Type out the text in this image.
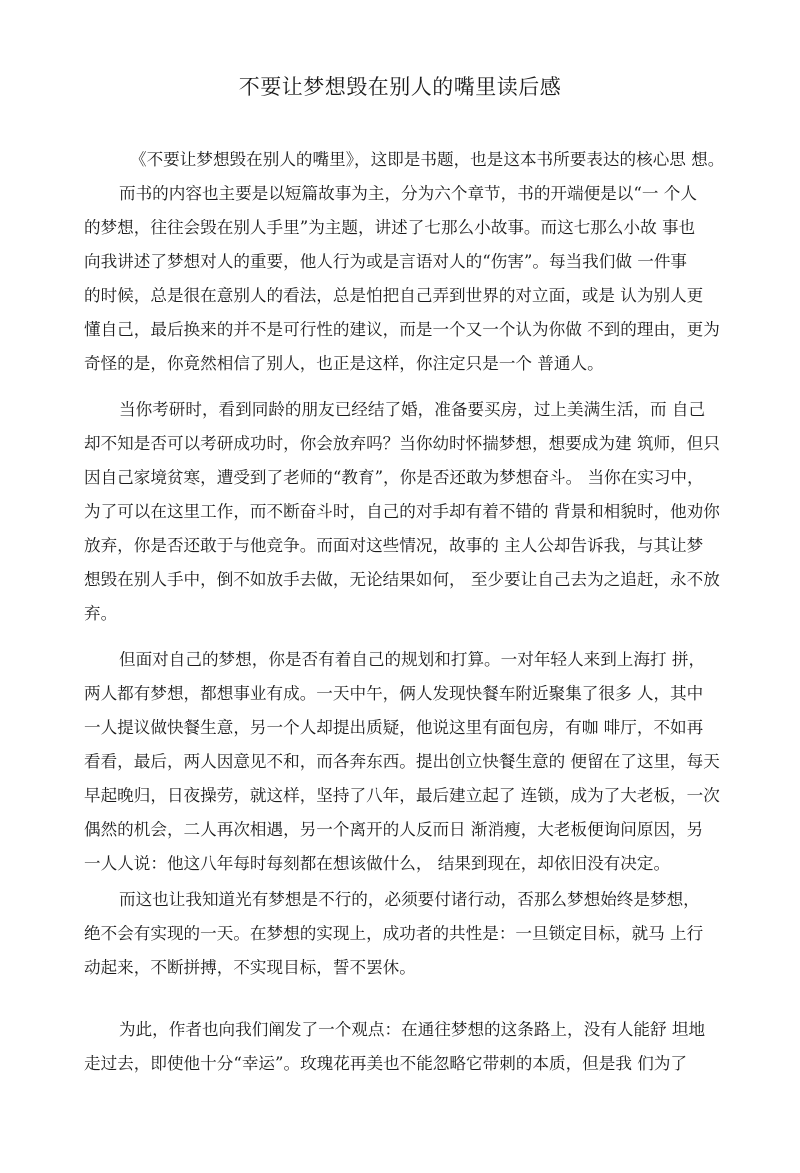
不要让梦想毁在别人的嘴里读后感
《不要让梦想毁在别人的嘴里》，这即是书题，也是这本书所要表达的核心思 想。
而书的内容也主要是以短篇故事为主，分为六个章节，书的开端便是以“一 个人
的梦想，往往会毁在别人手里”为主题，讲述了七那么小故事。而这七那么小故 事也
向我讲述了梦想对人的重要，他人行为或是言语对人的“伤害”。每当我们做 一件事
的时候，总是很在意别人的看法，总是怕把自己弄到世界的对立面，或是 认为别人更
懂自己，最后换来的并不是可行性的建议，而是一个又一个认为你做 不到的理由，更为
奇怪的是，你竟然相信了别人，也正是这样，你注定只是一个 普通人。
当你考研时，看到同龄的朋友已经结了婚，准备要买房，过上美满生活，而 自己
却不知是否可以考研成功时，你会放弃吗？当你幼时怀揣梦想，想要成为建 筑师，但只
因自己家境贫寒，遭受到了老师的“教育”，你是否还敢为梦想奋斗。 当你在实习中，
为了可以在这里工作，而不断奋斗时，自己的对手却有着不错的 背景和相貌时，他劝你
放弃，你是否还敢于与他竞争。而面对这些情况，故事的 主人公却告诉我，与其让梦
想毁在别人手中，倒不如放手去做，无论结果如何， 至少要让自己去为之追赶，永不放
弃。
但面对自己的梦想，你是否有着自己的规划和打算。一对年轻人来到上海打 拼，
两人都有梦想，都想事业有成。一天中午，俩人发现快餐车附近聚集了很多 人，其中
一人提议做快餐生意，另一个人却提出质疑，他说这里有面包房，有咖 啡厅，不如再
看看，最后，两人因意见不和，而各奔东西。提出创立快餐生意的 便留在了这里，每天
早起晚归，日夜操劳，就这样，坚持了八年，最后建立起了 连锁，成为了大老板，一次
偶然的机会，二人再次相遇，另一个离开的人反而日 渐消瘦，大老板便询问原因，另
一人人说：他这八年每时每刻都在想该做什么， 结果到现在，却依旧没有决定。
而这也让我知道光有梦想是不行的，必须要付诸行动，否那么梦想始终是梦想，
绝不会有实现的一天。在梦想的实现上，成功者的共性是：一旦锁定目标，就马 上行
动起来，不断拼搏，不实现目标，誓不罢休。
为此，作者也向我们阐发了一个观点：在通往梦想的这条路上，没有人能舒 坦地
走过去，即使他十分“幸运”。玫瑰花再美也不能忽略它带刺的本质，但是我 们为了
